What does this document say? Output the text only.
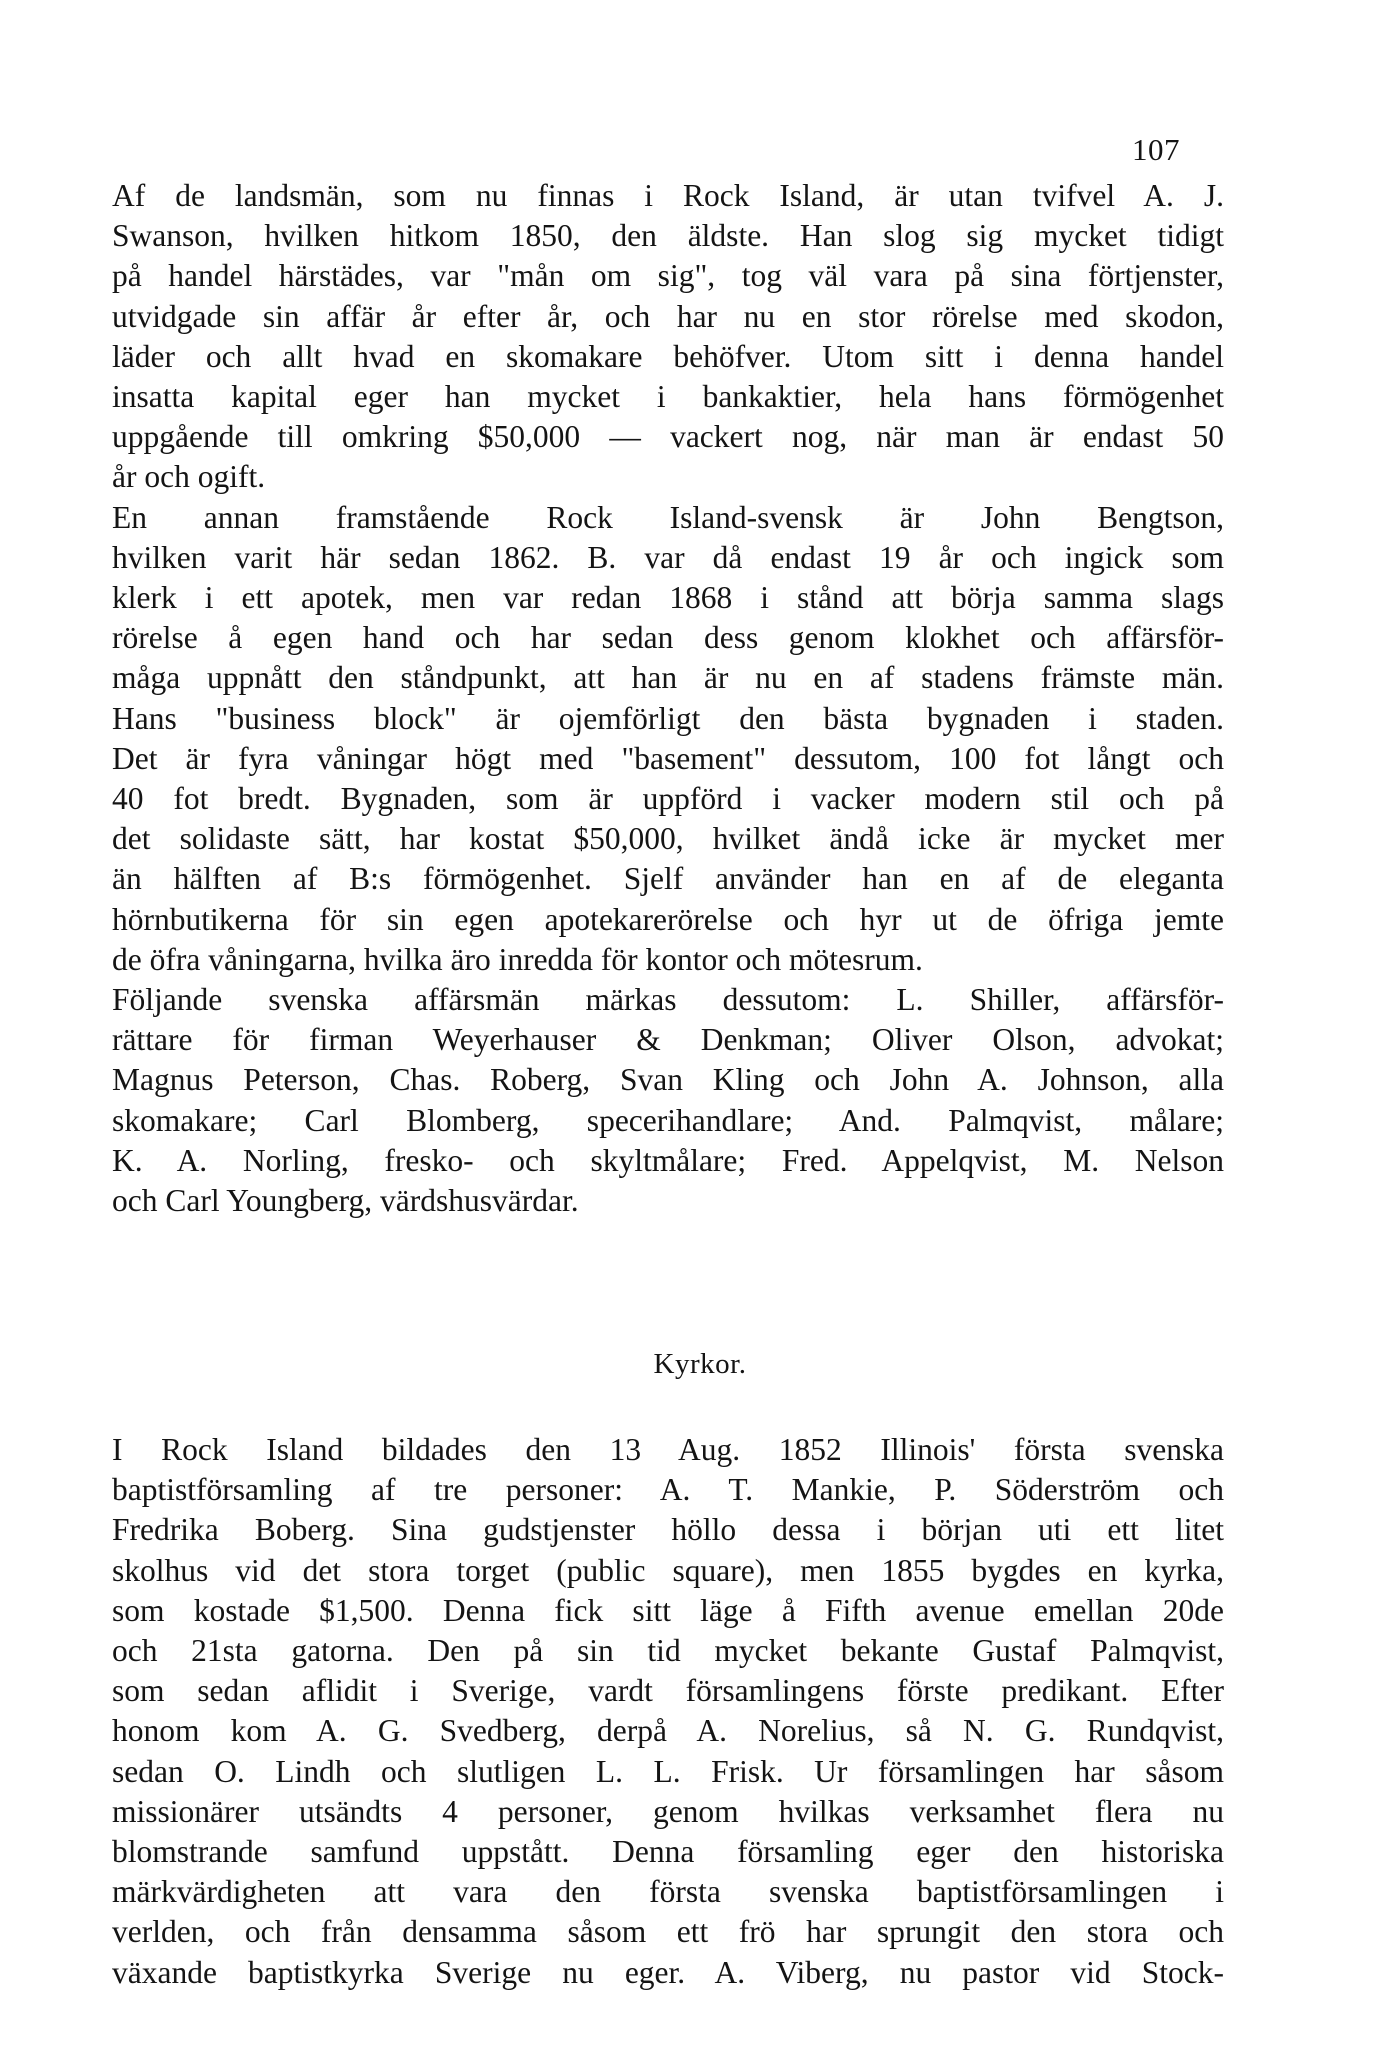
107
Af de landsmän, som nu finnas i Rock Island, är utan tvifvel A. J.
Swanson, hvilken hitkom 1850, den äldste. Han slog sig mycket tidigt
på handel härstädes, var "mån om sig", tog väl vara på sina förtjenster,
utvidgade sin affär år efter år, och har nu en stor rörelse med skodon,
läder och allt hvad en skomakare behöfver. Utom sitt i denna handel
insatta kapital eger han mycket i bankaktier, hela hans förmögenhet
uppgående till omkring $50,000 — vackert nog, när man är endast 50
år och ogift.
En annan framstående Rock Island-svensk är John Bengtson,
hvilken varit här sedan 1862. B. var då endast 19 år och ingick som
klerk i ett apotek, men var redan 1868 i stånd att börja samma slags
rörelse å egen hand och har sedan dess genom klokhet och affärsför-
måga uppnått den ståndpunkt, att han är nu en af stadens främste män.
Hans "business block" är ojemförligt den bästa bygnaden i staden.
Det är fyra våningar högt med "basement" dessutom, 100 fot långt och
40 fot bredt. Bygnaden, som är uppförd i vacker modern stil och på
det solidaste sätt, har kostat $50,000, hvilket ändå icke är mycket mer
än hälften af B:s förmögenhet. Sjelf använder han en af de eleganta
hörnbutikerna för sin egen apotekarerörelse och hyr ut de öfriga jemte
de öfra våningarna, hvilka äro inredda för kontor och mötesrum.
Följande svenska affärsmän märkas dessutom: L. Shiller, affärsför-
rättare för firman Weyerhauser & Denkman; Oliver Olson, advokat;
Magnus Peterson, Chas. Roberg, Svan Kling och John A. Johnson, alla
skomakare; Carl Blomberg, specerihandlare; And. Palmqvist, målare;
K. A. Norling, fresko- och skyltmålare; Fred. Appelqvist, M. Nelson
och Carl Youngberg, värdshusvärdar.
Kyrkor.
I Rock Island bildades den 13 Aug. 1852 Illinois' första svenska
baptistförsamling af tre personer: A. T. Mankie, P. Söderström och
Fredrika Boberg. Sina gudstjenster höllo dessa i början uti ett litet
skolhus vid det stora torget (public square), men 1855 bygdes en kyrka,
som kostade $1,500. Denna fick sitt läge å Fifth avenue emellan 20de
och 21sta gatorna. Den på sin tid mycket bekante Gustaf Palmqvist,
som sedan aflidit i Sverige, vardt församlingens förste predikant. Efter
honom kom A. G. Svedberg, derpå A. Norelius, så N. G. Rundqvist,
sedan O. Lindh och slutligen L. L. Frisk. Ur församlingen har såsom
missionärer utsändts 4 personer, genom hvilkas verksamhet flera nu
blomstrande samfund uppstått. Denna församling eger den historiska
märkvärdigheten att vara den första svenska baptistförsamlingen i
verlden, och från densamma såsom ett frö har sprungit den stora och
växande baptistkyrka Sverige nu eger. A. Viberg, nu pastor vid Stock-
